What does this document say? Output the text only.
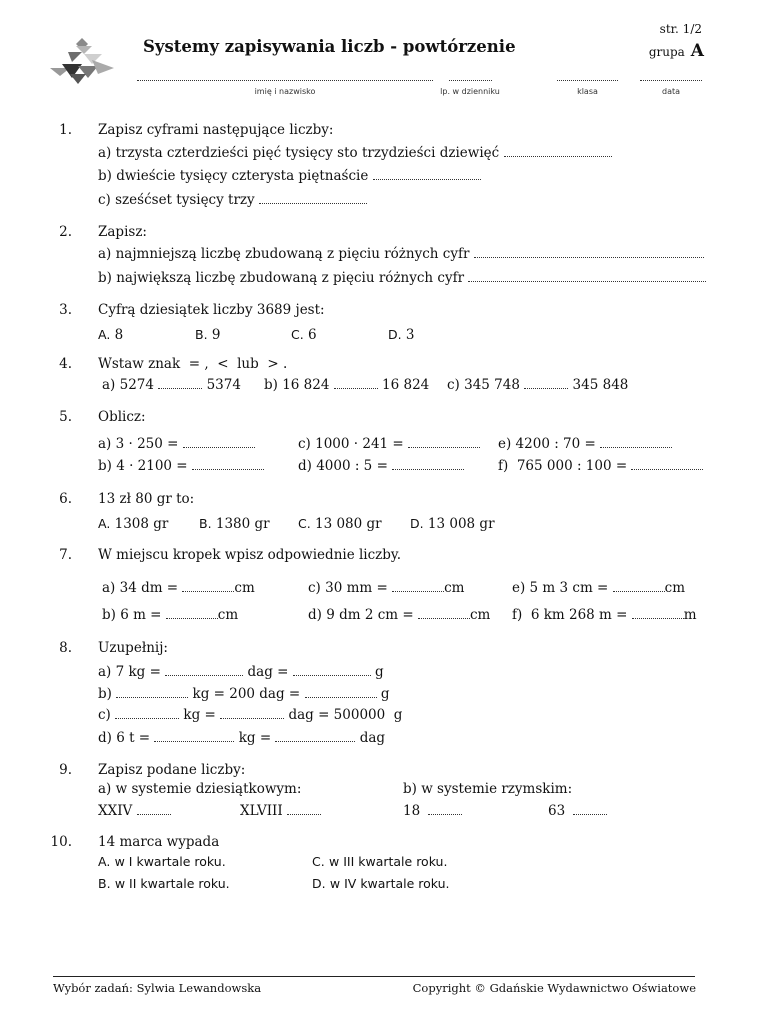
Systemy zapisywania liczb - powtórzenie
str. 1/2
grupa A
imię i nazwisko	lp. w dzienniku	klasa	data
1. Zapisz cyframi następujące liczby:
a) trzysta czterdzieści pięć tysięcy sto trzydzieści dziewięć
b) dwieście tysięcy czterysta piętnaście
c) sześćset tysięcy trzy
2. Zapisz:
a) najmniejszą liczbę zbudowaną z pięciu różnych cyfr
b) największą liczbę zbudowaną z pięciu różnych cyfr
3. Cyfrą dziesiątek liczby 3689 jest:
A. 8	B. 9	C. 6	D. 3
4. Wstaw znak  = ,  <  lub  > .
a) 5274	5374 b) 16 824	16 824 c) 345 748	345 848
5. Oblicz:
a) 3 · 250 =
b) 4 · 2100 =
c) 1000 · 241 =
d) 4000 : 5 =
e) 4200 : 70 =
f)  765 000 : 100 =
6. 13 zł 80 gr to:
A. 1308 gr B. 1380 gr C. 13 080 gr D. 13 008 gr
7. W miejscu kropek wpisz odpowiednie liczby.
a) 34 dm =	cm
b) 6 m =	cm
c) 30 mm =	cm
d) 9 dm 2 cm =	cm
e) 5 m 3 cm =	cm
f)  6 km 268 m =	m
8. Uzupełnij:
a) 7 kg =	dag =	g
b)	kg = 200 dag =	g
c)	kg =	dag = 500000  g
d) 6 t =	kg =	dag
9. Zapisz podane liczby:
a) w systemie dziesiątkowym:	b) w systemie rzymskim:
XXIV	XLVIII	18	63
10. 14 marca wypada
A. w I kwartale roku.
B. w II kwartale roku.
C. w III kwartale roku.
D. w IV kwartale roku.
Wybór zadań: Sylwia Lewandowska	Copyright © Gdańskie Wydawnictwo Oświatowe
